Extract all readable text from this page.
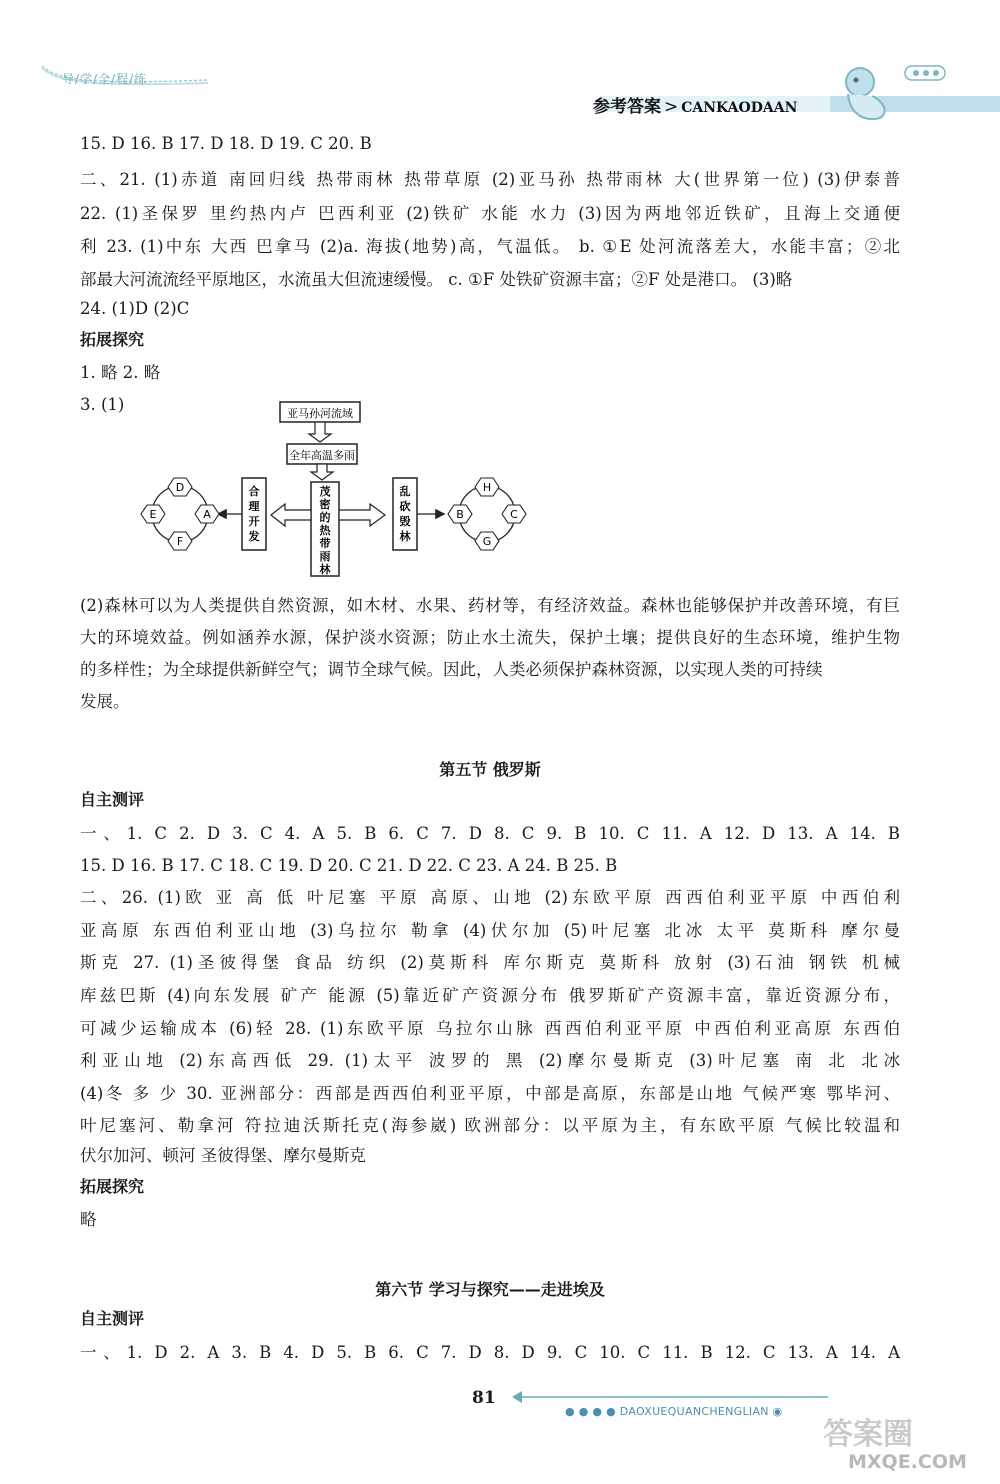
导/学/全/程/练
参考答案 > CANKAODAAN
15. D 16. B 17. D 18. D 19. C 20. B
二、21. (1)赤道 南回归线 热带雨林 热带草原 (2)亚马孙 热带雨林 大(世界第一位) (3)伊泰普
22. (1)圣保罗 里约热内卢 巴西利亚 (2)铁矿 水能 水力 (3)因为两地邻近铁矿，且海上交通便
利 23. (1)中东 大西 巴拿马 (2)a. 海拔(地势)高，气温低。 b. ①E 处河流落差大，水能丰富；②北
部最大河流流经平原地区，水流虽大但流速缓慢。 c. ①F 处铁矿资源丰富；②F 处是港口。 (3)略
24. (1)D (2)C
拓展探究
1. 略 2. 略
3. (1)
(2)森林可以为人类提供自然资源，如木材、水果、药材等，有经济效益。森林也能够保护并改善环境，有巨
大的环境效益。例如涵养水源，保护淡水资源；防止水土流失，保护土壤；提供良好的生态环境，维护生物
的多样性；为全球提供新鲜空气；调节全球气候。因此，人类必须保护森林资源，以实现人类的可持续
发展。
第五节 俄罗斯
自主测评
一、1. C 2. D 3. C 4. A 5. B 6. C 7. D 8. C 9. B 10. C 11. A 12. D 13. A 14. B
15. D 16. B 17. C 18. C 19. D 20. C 21. D 22. C 23. A 24. B 25. B
二、26. (1)欧 亚 高 低 叶尼塞 平原 高原、山地 (2)东欧平原 西西伯利亚平原 中西伯利
亚高原 东西伯利亚山地 (3)乌拉尔 勒拿 (4)伏尔加 (5)叶尼塞 北冰 太平 莫斯科 摩尔曼
斯克 27. (1)圣彼得堡 食品 纺织 (2)莫斯科 库尔斯克 莫斯科 放射 (3)石油 钢铁 机械
库兹巴斯 (4)向东发展 矿产 能源 (5)靠近矿产资源分布 俄罗斯矿产资源丰富，靠近资源分布，
可减少运输成本 (6)轻 28. (1)东欧平原 乌拉尔山脉 西西伯利亚平原 中西伯利亚高原 东西伯
利亚山地 (2)东高西低 29. (1)太平 波罗的 黑 (2)摩尔曼斯克 (3)叶尼塞 南 北 北冰
(4)冬 多 少 30. 亚洲部分：西部是西西伯利亚平原，中部是高原，东部是山地 气候严寒 鄂毕河、
叶尼塞河、勒拿河 符拉迪沃斯托克(海参崴) 欧洲部分：以平原为主，有东欧平原 气候比较温和
伏尔加河、顿河 圣彼得堡、摩尔曼斯克
拓展探究
略
第六节 学习与探究——走进埃及
自主测评
一、1. D 2. A 3. B 4. D 5. B 6. C 7. D 8. D 9. C 10. C 11. B 12. C 13. A 14. A
亚马孙河流域
全年高温多雨
茂
密
的
热
带
雨
林
合
理
开
发
乱
砍
毁
林
D
A
F
E
H
C
G
B
81
● ● ● ● DAOXUEQUANCHENGLIAN ◉
答案圈
MXQE.COM
